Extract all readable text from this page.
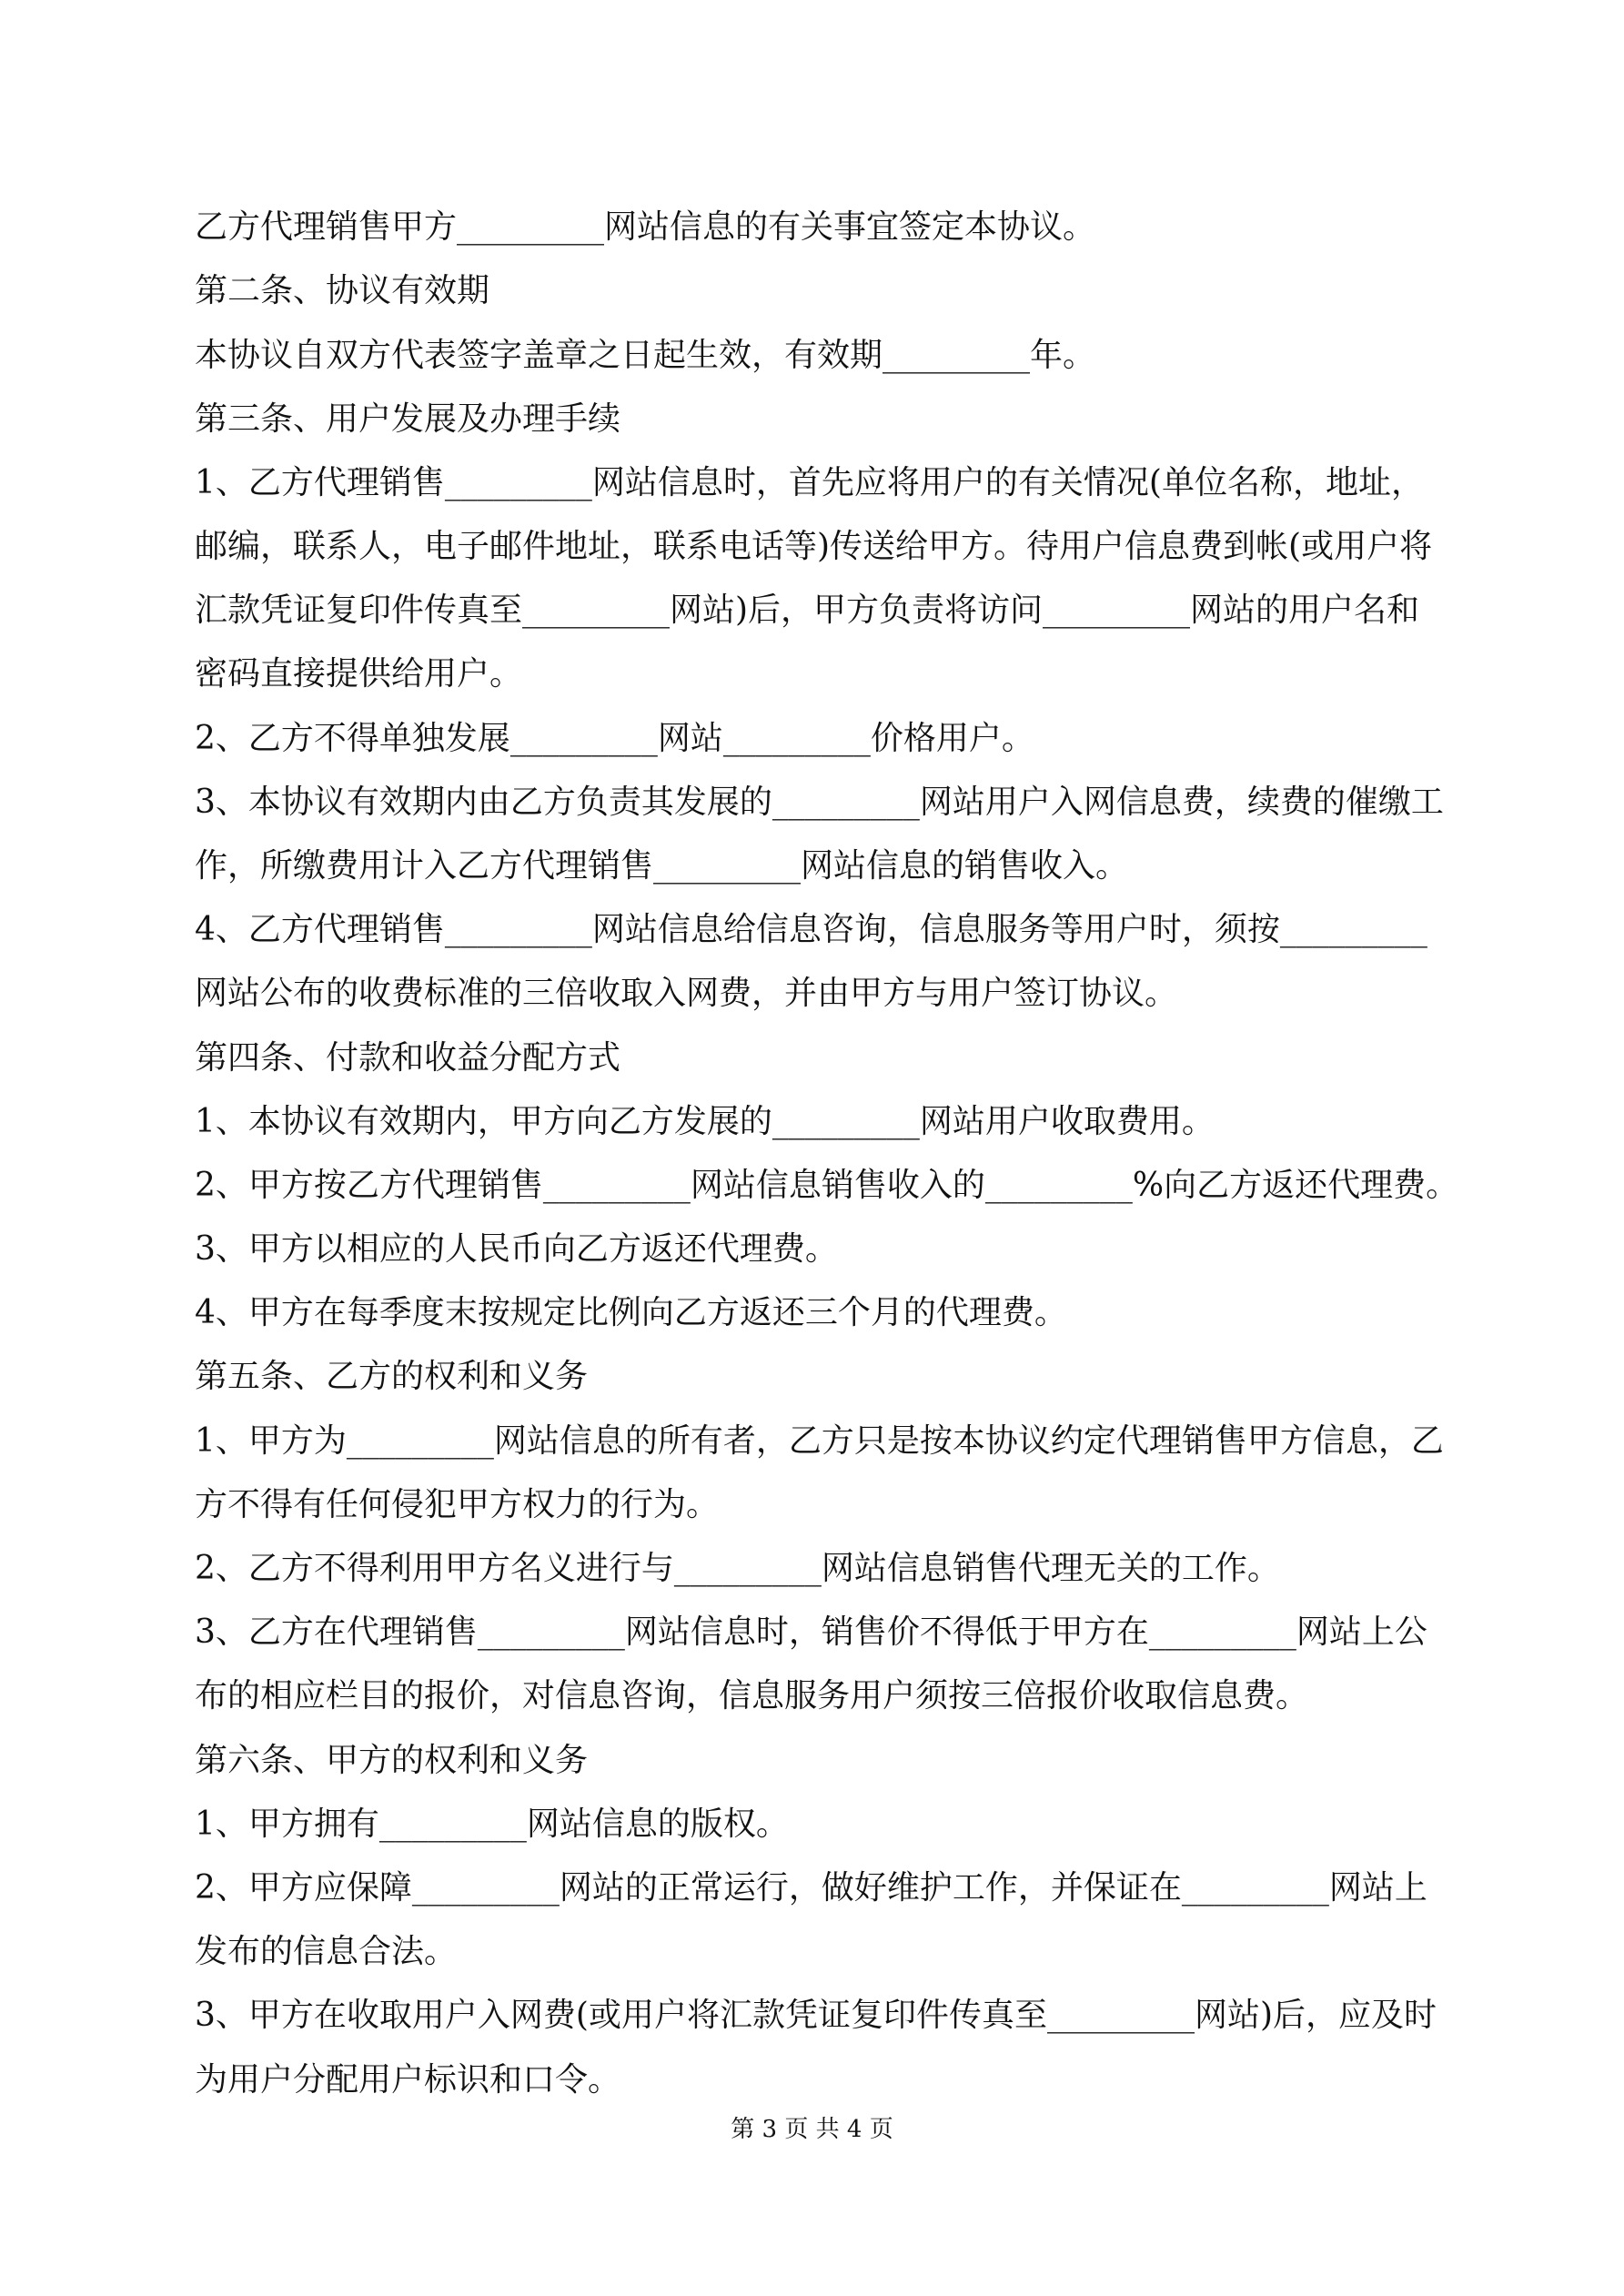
乙方代理销售甲方_________网站信息的有关事宜签定本协议。
第二条、协议有效期
本协议自双方代表签字盖章之日起生效，有效期_________年。
第三条、用户发展及办理手续
1、乙方代理销售_________网站信息时，首先应将用户的有关情况(单位名称，地址，
邮编，联系人，电子邮件地址，联系电话等)传送给甲方。待用户信息费到帐(或用户将
汇款凭证复印件传真至_________网站)后，甲方负责将访问_________网站的用户名和
密码直接提供给用户。
2、乙方不得单独发展_________网站_________价格用户。
3、本协议有效期内由乙方负责其发展的_________网站用户入网信息费，续费的催缴工
作，所缴费用计入乙方代理销售_________网站信息的销售收入。
4、乙方代理销售_________网站信息给信息咨询，信息服务等用户时，须按_________
网站公布的收费标准的三倍收取入网费，并由甲方与用户签订协议。
第四条、付款和收益分配方式
1、本协议有效期内，甲方向乙方发展的_________网站用户收取费用。
2、甲方按乙方代理销售_________网站信息销售收入的_________%向乙方返还代理费。
3、甲方以相应的人民币向乙方返还代理费。
4、甲方在每季度末按规定比例向乙方返还三个月的代理费。
第五条、乙方的权利和义务
1、甲方为_________网站信息的所有者，乙方只是按本协议约定代理销售甲方信息，乙
方不得有任何侵犯甲方权力的行为。
2、乙方不得利用甲方名义进行与_________网站信息销售代理无关的工作。
3、乙方在代理销售_________网站信息时，销售价不得低于甲方在_________网站上公
布的相应栏目的报价，对信息咨询，信息服务用户须按三倍报价收取信息费。
第六条、甲方的权利和义务
1、甲方拥有_________网站信息的版权。
2、甲方应保障_________网站的正常运行，做好维护工作，并保证在_________网站上
发布的信息合法。
3、甲方在收取用户入网费(或用户将汇款凭证复印件传真至_________网站)后，应及时
为用户分配用户标识和口令。
第 3 页 共 4 页
